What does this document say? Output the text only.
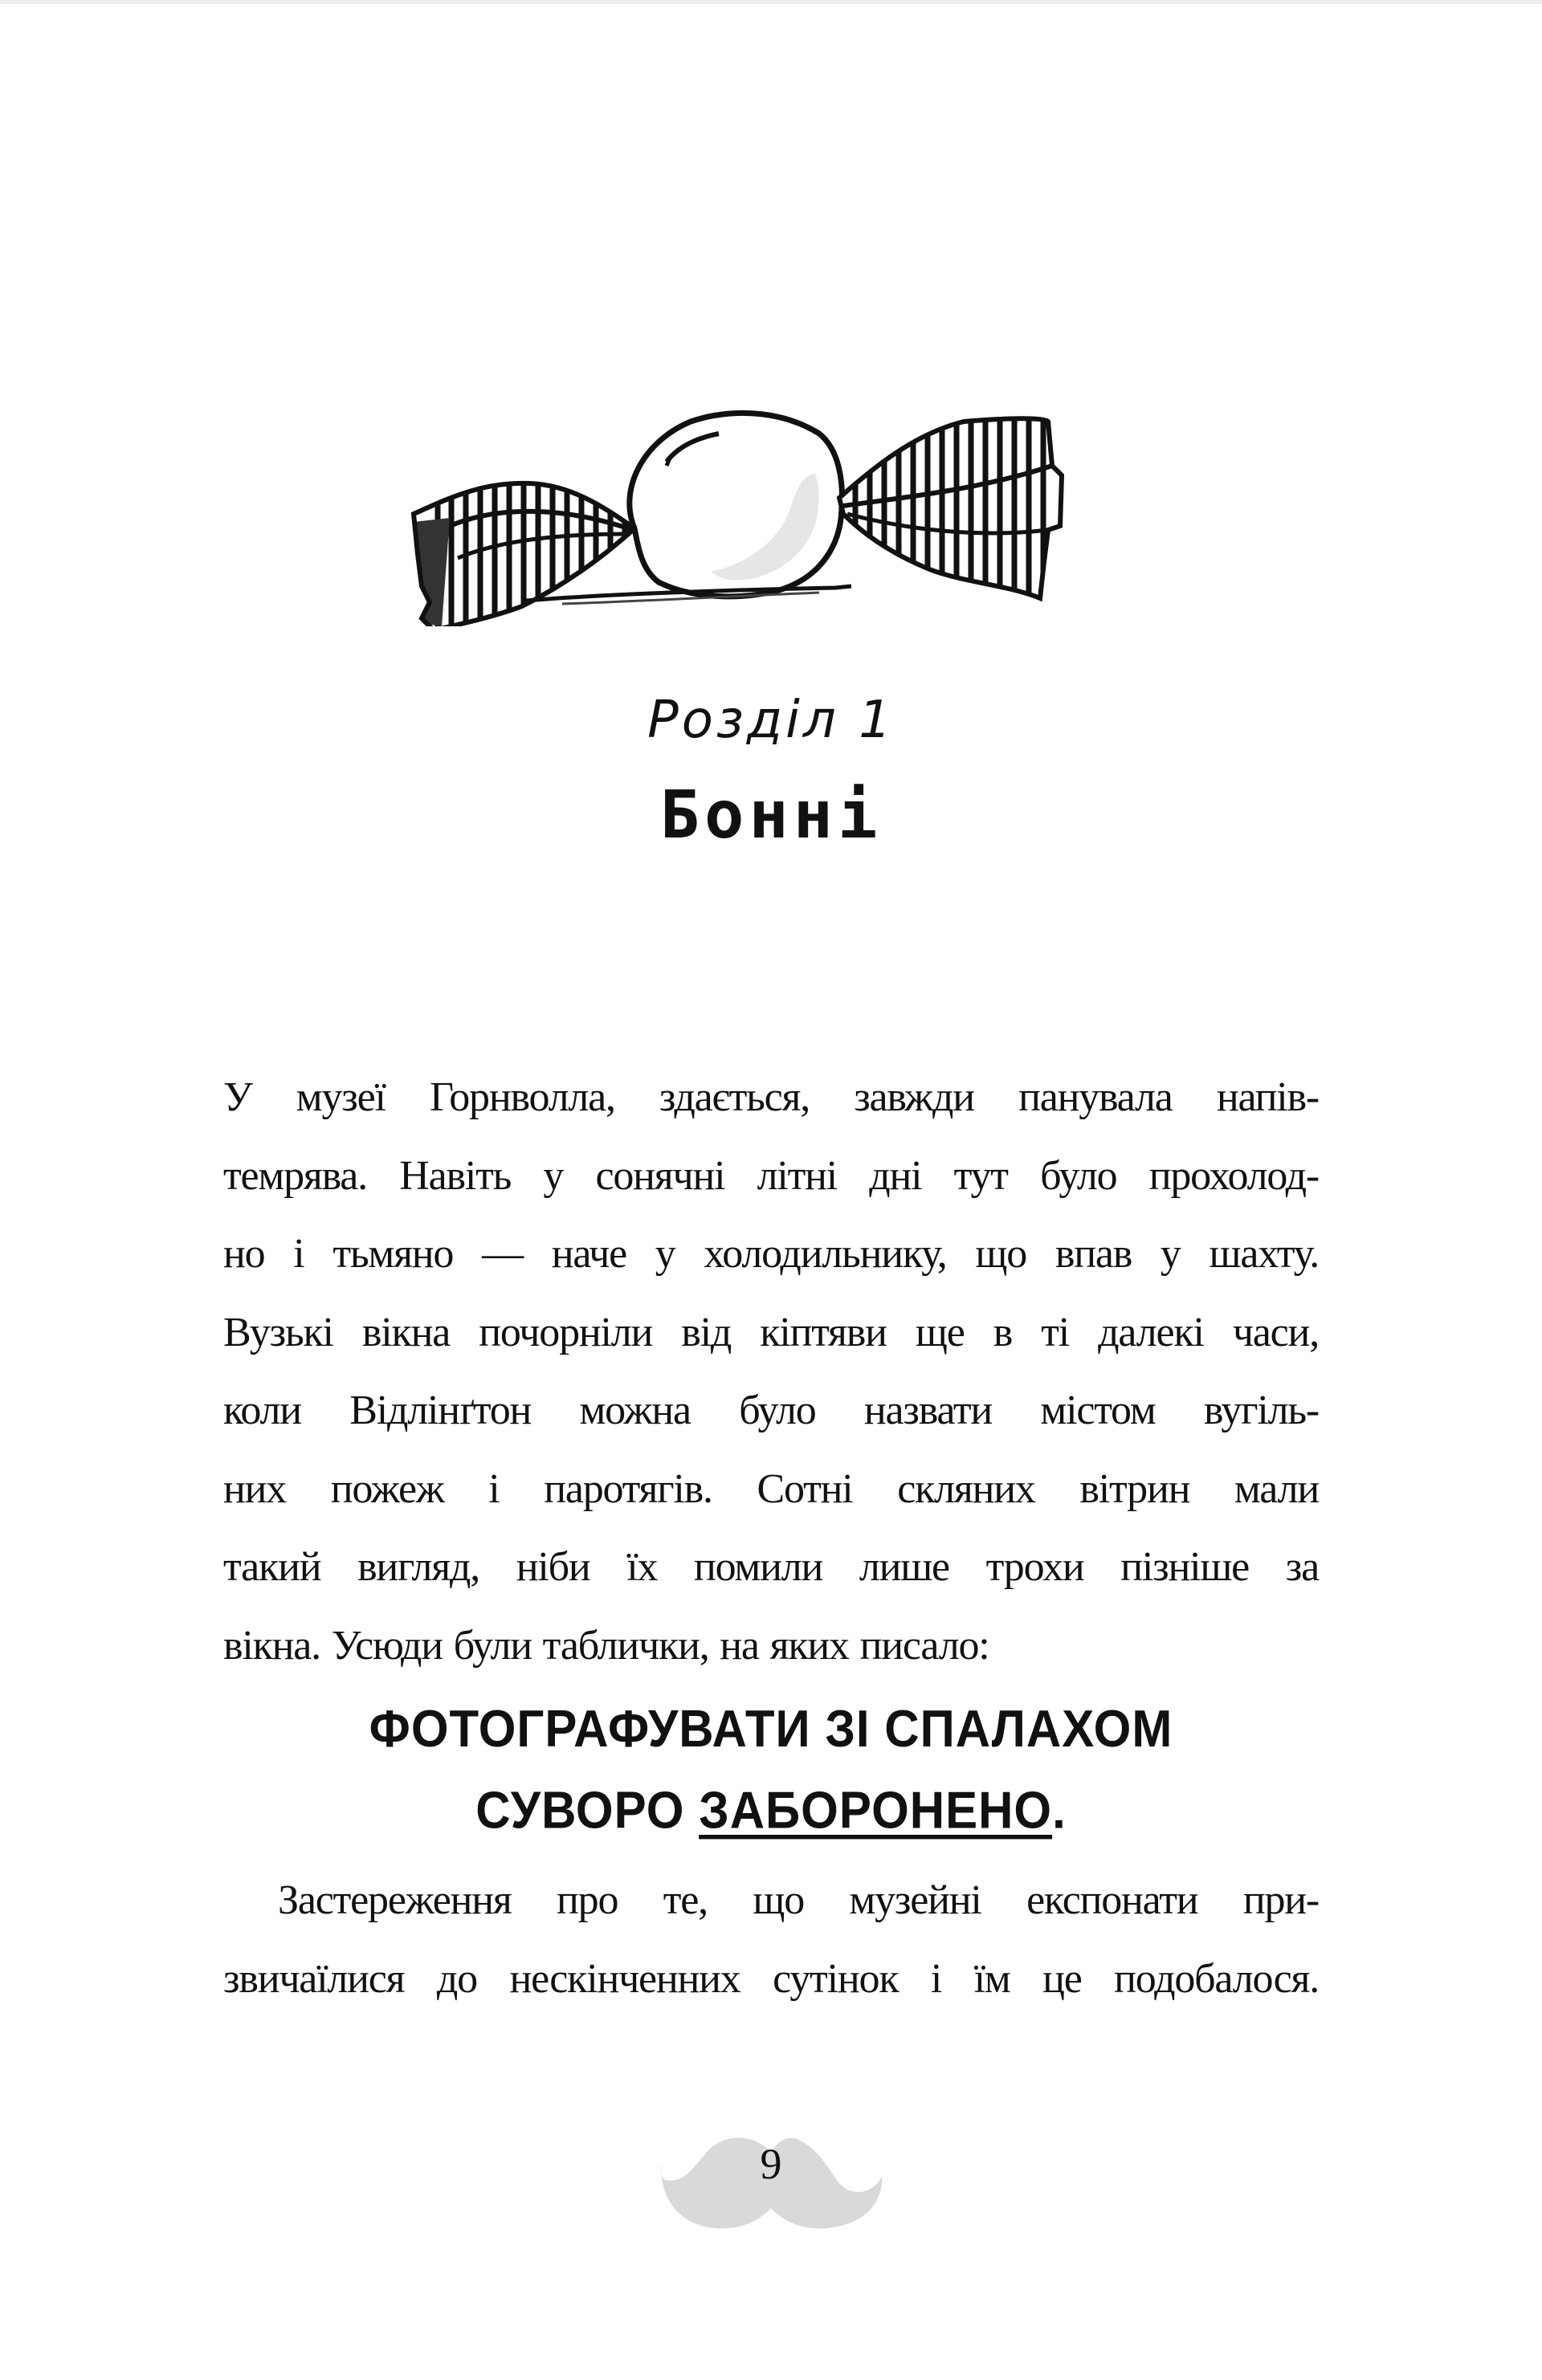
Розділ 1
Бонні
У музеї Горнволла, здається, завжди панувала напів-
темрява. Навіть у сонячні літні дні тут було прохолод-
но і тьмяно — наче у холодильнику, що впав у шахту.
Вузькі вікна почорніли від кіптяви ще в ті далекі часи,
коли Відлінґтон можна було назвати містом вугіль-
них пожеж і паротягів. Сотні скляних вітрин мали
такий вигляд, ніби їх помили лише трохи пізніше за
вікна. Усюди були таблички, на яких писало:
ФОТОГРАФУВАТИ ЗІ СПАЛАХОМ
СУВОРО ЗАБОРОНЕНО.
Застереження про те, що музейні експонати при-
звичаїлися до нескінченних сутінок і їм це подобалося.
9
